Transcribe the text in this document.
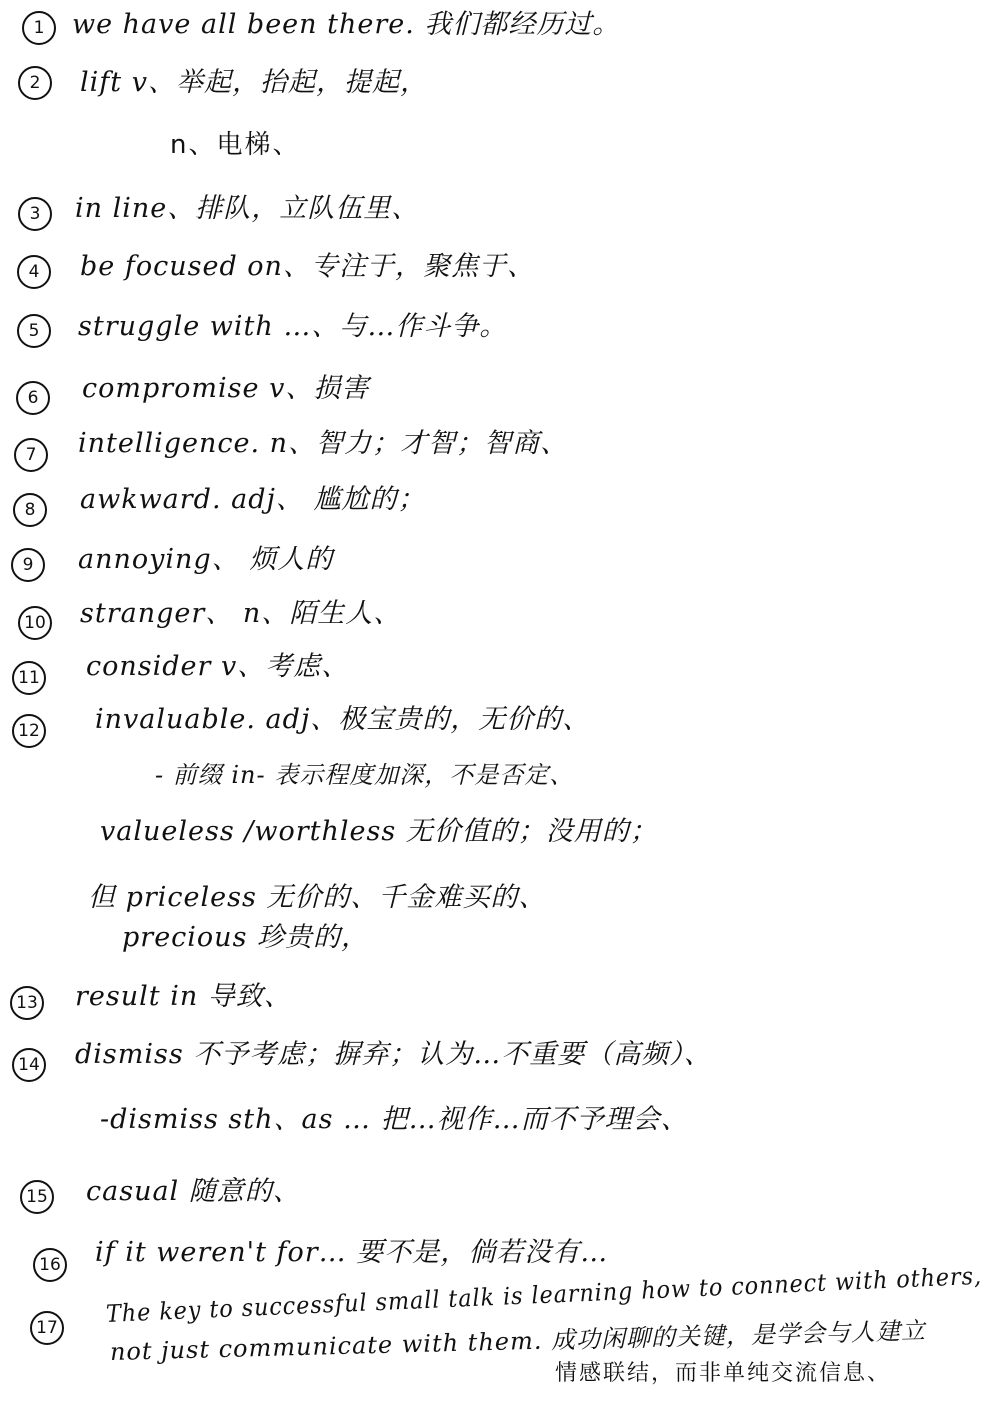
1	we have all been there. 我们都经历过。
2	lift v、举起，抬起，提起，
n、电梯、
3	in line、排队，立队伍里、
4	be focused on、专注于，聚焦于、
5	struggle with …、与…作斗争。
6	compromise v、损害
7	intelligence. n、智力；才智；智商、
8	awkward. adj、 尴尬的；
9	annoying、 烦人的
10 stranger、 n、陌生人、
11 consider v、考虑、
12 invaluable. adj、极宝贵的，无价的、
- 前缀 in- 表示程度加深，不是否定、
valueless /worthless 无价值的；没用的；
但 priceless 无价的、千金难买的、
precious 珍贵的，
13 result in 导致、
14 dismiss 不予考虑；摒弃；认为…不重要（高频）、
-dismiss sth、as … 把…视作…而不予理会、
15 casual 随意的、
16 if it weren't for… 要不是，倘若没有…
17
The key to successful small talk is learning how to connect with others,
not just communicate with them. 成功闲聊的关键，是学会与人建立
情感联结，而非单纯交流信息、
